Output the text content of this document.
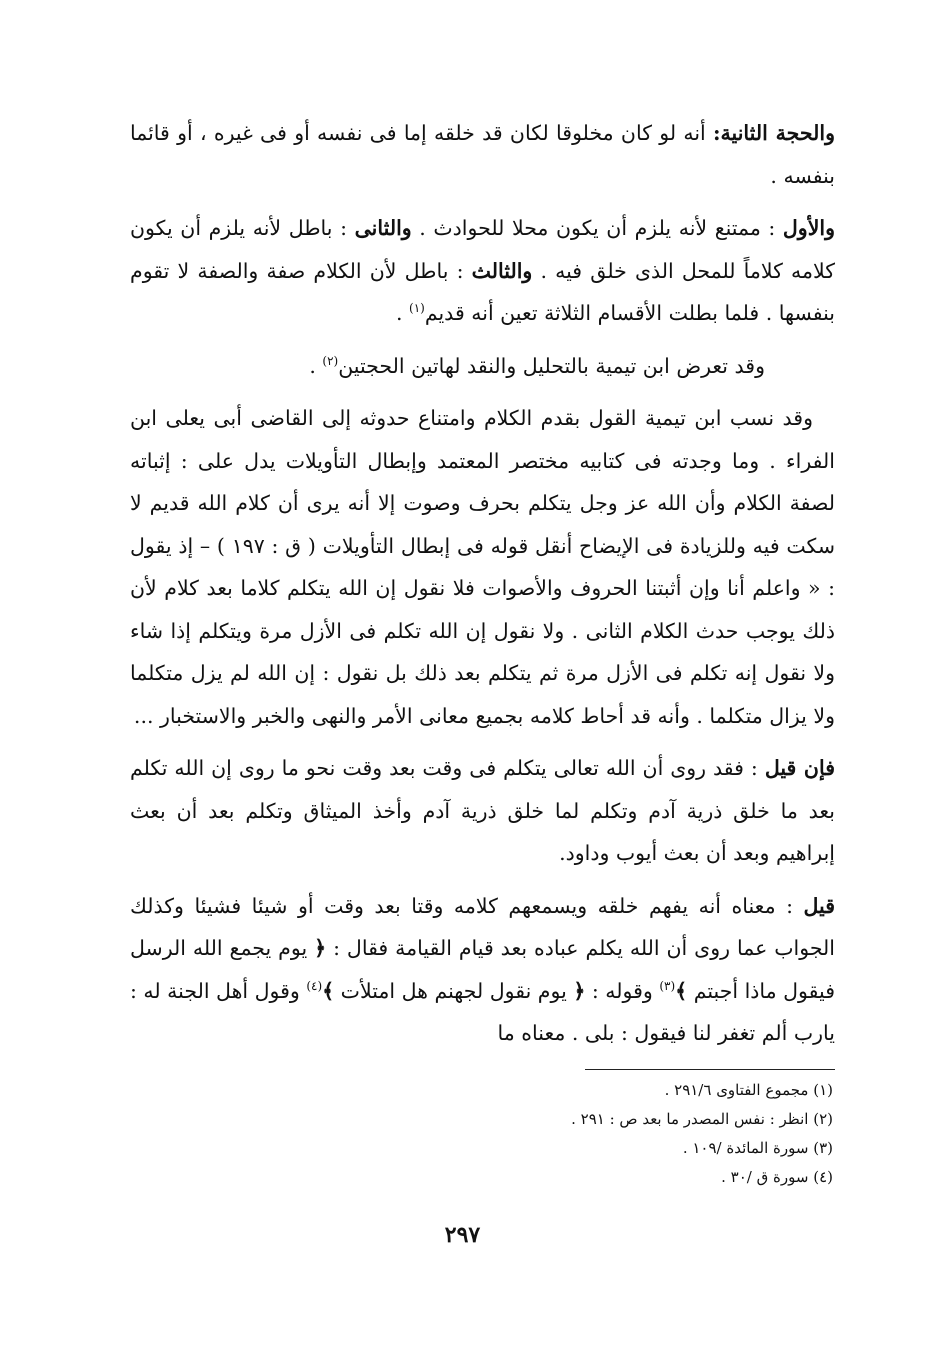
والحجة الثانية: أنه لو كان مخلوقا لكان قد خلقه إما فى نفسه أو فى غيره ، أو قائما بنفسه .

والأول : ممتنع لأنه يلزم أن يكون محلا للحوادث . والثانى : باطل لأنه يلزم أن يكون كلامه كلاماً للمحل الذى خلق فيه . والثالث : باطل لأن الكلام صفة والصفة لا تقوم بنفسها . فلما بطلت الأقسام الثلاثة تعين أنه قديم$^{(١)}$ .

وقد تعرض ابن تيمية بالتحليل والنقد لهاتين الحجتين$^{(٢)}$ .

وقد نسب ابن تيمية القول بقدم الكلام وامتناع حدوثه إلى القاضى أبى يعلى ابن الفراء . وما وجدته فى كتابيه مختصر المعتمد وإبطال التأويلات يدل على : إثباته لصفة الكلام وأن الله عز وجل يتكلم بحرف وصوت إلا أنه يرى أن كلام الله قديم لا سكت فيه وللزيادة فى الإيضاح أنقل قوله فى إبطال التأويلات ( ق : ١٩٧ ) – إذ يقول : « واعلم أنا وإن أثبتنا الحروف والأصوات فلا نقول إن الله يتكلم كلاما بعد كلام لأن ذلك يوجب حدث الكلام الثانى . ولا نقول إن الله تكلم فى الأزل مرة ويتكلم إذا شاء ولا نقول إنه تكلم فى الأزل مرة ثم يتكلم بعد ذلك بل نقول : إن الله لم يزل متكلما ولا يزال متكلما . وأنه قد أحاط كلامه بجميع معانى الأمر والنهى والخبر والاستخبار ...

فإن قيل : فقد روى أن الله تعالى يتكلم فى وقت بعد وقت نحو ما روى إن الله تكلم بعد ما خلق ذرية آدم وتكلم لما خلق ذرية آدم وأخذ الميثاق وتكلم بعد أن بعث إبراهيم وبعد أن بعث أيوب وداود.

قيل : معناه أنه يفهم خلقه ويسمعهم كلامه وقتا بعد وقت أو شيئا فشيئا وكذلك الجواب عما روى أن الله يكلم عباده بعد قيام القيامة فقال : ﴿ يوم يجمع الله الرسل فيقول ماذا أجبتم ﴾$^{(٣)}$ وقوله : ﴿ يوم نقول لجهنم هل امتلأت ﴾$^{(٤)}$ وقول أهل الجنة له : يارب ألم تغفر لنا فيقول : بلى . معناه ما

(١) مجموع الفتاوى ٢٩١/٦ .
(٢) انظر : نفس المصدر ما بعد ص : ٢٩١ .
(٣) سورة المائدة /١٠٩ .
(٤) سورة ق /٣٠ .
٢٩٧
